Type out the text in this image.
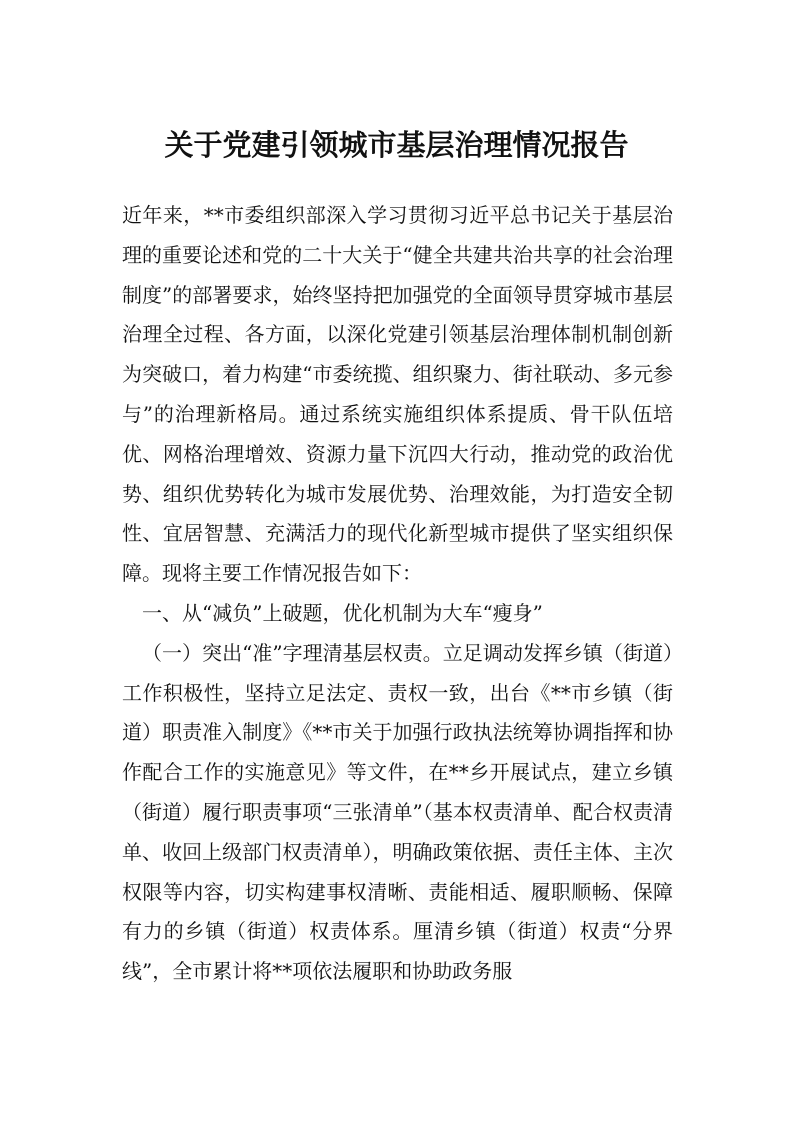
关于党建引领城市基层治理情况报告

近年来，**市委组织部深入学习贯彻习近平总书记关于基层治理的重要论述和党的二十大关于“健全共建共治共享的社会治理制度”的部署要求，始终坚持把加强党的全面领导贯穿城市基层治理全过程、各方面，以深化党建引领基层治理体制机制创新为突破口，着力构建“市委统揽、组织聚力、街社联动、多元参与”的治理新格局。通过系统实施组织体系提质、骨干队伍培优、网格治理增效、资源力量下沉四大行动，推动党的政治优势、组织优势转化为城市发展优势、治理效能，为打造安全韧性、宜居智慧、充满活力的现代化新型城市提供了坚实组织保障。现将主要工作情况报告如下：

一、从“减负”上破题，优化机制为大车“瘦身”

（一）突出“准”字理清基层权责。立足调动发挥乡镇（街道）工作积极性，坚持立足法定、责权一致，出台《**市乡镇（街道）职责准入制度》《**市关于加强行政执法统筹协调指挥和协作配合工作的实施意见》等文件，在**乡开展试点，建立乡镇（街道）履行职责事项“三张清单”（基本权责清单、配合权责清单、收回上级部门权责清单），明确政策依据、责任主体、主次权限等内容，切实构建事权清晰、责能相适、履职顺畅、保障有力的乡镇（街道）权责体系。厘清乡镇（街道）权责“分界线”，全市累计将**项依法履职和协助政务服
